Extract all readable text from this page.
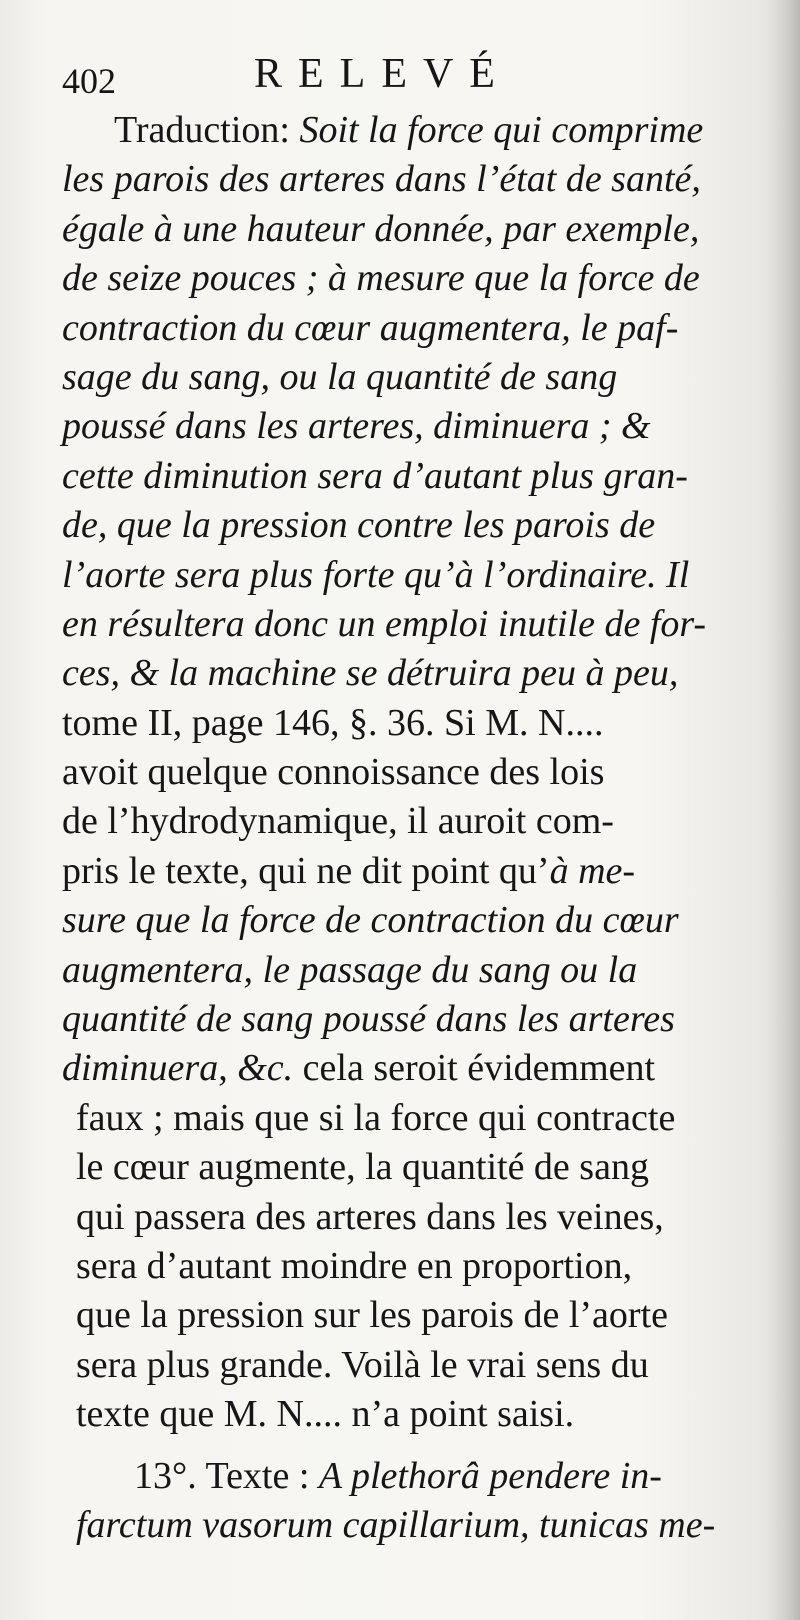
402	RELEVÉ
Traduction: Soit la force qui comprime
les parois des arteres dans l’état de santé,
égale à une hauteur donnée, par exemple,
de seize pouces ; à mesure que la force de
contraction du cœur augmentera, le paf-
sage du sang, ou la quantité de sang
poussé dans les arteres, diminuera ; &
cette diminution sera d’autant plus gran-
de, que la pression contre les parois de
l’aorte sera plus forte qu’à l’ordinaire. Il
en résultera donc un emploi inutile de for-
ces, & la machine se détruira peu à peu,
tome II, page 146, §. 36. Si M. N....
avoit quelque connoissance des lois
de l’hydrodynamique, il auroit com-
pris le texte, qui ne dit point qu’à me-
sure que la force de contraction du cœur
augmentera, le passage du sang ou la
quantité de sang poussé dans les arteres
diminuera, &c. cela seroit évidemment
faux ; mais que si la force qui contracte
le cœur augmente, la quantité de sang
qui passera des arteres dans les veines,
sera d’autant moindre en proportion,
que la pression sur les parois de l’aorte
sera plus grande. Voilà le vrai sens du
texte que M. N.... n’a point saisi.
13°. Texte : A plethorâ pendere in-
farctum vasorum capillarium, tunicas me-
